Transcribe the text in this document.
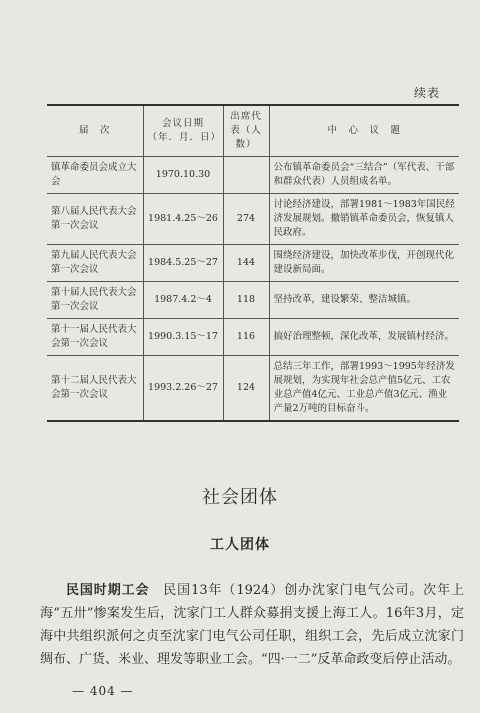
续表
届　次	会议日期（年．月．日）	出席代表（人数）	中　心　议　题
镇革命委员会成立大会	1970.10.30		公布镇革命委员会“三结合”（军代表、干部和群众代表）人员组成名单。
第八届人民代表大会第一次会议	1981.4.25～26	274	讨论经济建设，部署1981～1983年国民经济发展规划。撤销镇革命委员会，恢复镇人民政府。
第九届人民代表大会第一次会议	1984.5.25～27	144	围绕经济建设，加快改革步伐，开创现代化建设新局面。
第十届人民代表大会第一次会议	1987.4.2～4	118	坚持改革，建设繁荣、整洁城镇。
第十一届人民代表大会第一次会议	1990.3.15～17	116	搞好治理整顿，深化改革，发展镇村经济。
第十二届人民代表大会第一次会议	1993.2.26～27	124	总结三年工作，部署1993～1995年经济发展规划，为实现年社会总产值5亿元、工农业总产值4亿元、工业总产值3亿元、渔业产量2万吨的目标奋斗。
社会团体
工人团体

民国时期工会　民国13年（1924）创办沈家门电气公司。次年上海“五卅”惨案发生后，沈家门工人群众募捐支援上海工人。16年3月，定海中共组织派何之贞至沈家门电气公司任职，组织工会，先后成立沈家门绸布、广货、米业、理发等职业工会。“四·一二”反革命政变后停止活动。

— 404 —
